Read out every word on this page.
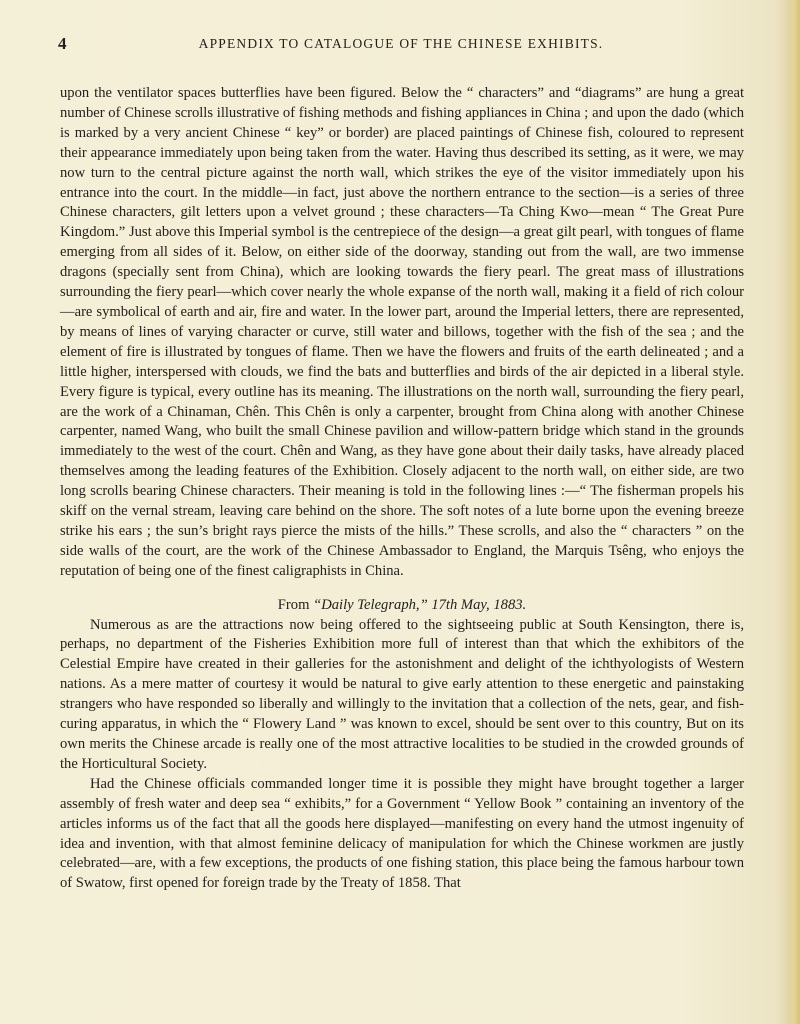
4	APPENDIX TO CATALOGUE OF THE CHINESE EXHIBITS.

upon the ventilator spaces butterflies have been figured. Below the “ characters” and “diagrams” are hung a great number of Chinese scrolls illustrative of fishing methods and fishing appliances in China ; and upon the dado (which is marked by a very ancient Chinese “ key” or border) are placed paintings of Chinese fish, coloured to represent their appearance immediately upon being taken from the water. Having thus described its setting, as it were, we may now turn to the central picture against the north wall, which strikes the eye of the visitor immediately upon his entrance into the court. In the middle—in fact, just above the northern entrance to the section—is a series of three Chinese characters, gilt letters upon a velvet ground ; these characters—Ta Ching Kwo—mean “ The Great Pure Kingdom.” Just above this Imperial symbol is the centrepiece of the design—a great gilt pearl, with tongues of flame emerging from all sides of it. Below, on either side of the doorway, standing out from the wall, are two immense dragons (specially sent from China), which are looking towards the fiery pearl. The great mass of illustrations surrounding the fiery pearl—which cover nearly the whole expanse of the north wall, making it a field of rich colour—are symbolical of earth and air, fire and water. In the lower part, around the Imperial letters, there are represented, by means of lines of varying character or curve, still water and billows, together with the fish of the sea ; and the element of fire is illustrated by tongues of flame. Then we have the flowers and fruits of the earth delineated ; and a little higher, interspersed with clouds, we find the bats and butterflies and birds of the air depicted in a liberal style. Every figure is typical, every outline has its meaning. The illustrations on the north wall, surrounding the fiery pearl, are the work of a Chinaman, Chên. This Chên is only a carpenter, brought from China along with another Chinese carpenter, named Wang, who built the small Chinese pavilion and willow-pattern bridge which stand in the grounds immediately to the west of the court. Chên and Wang, as they have gone about their daily tasks, have already placed themselves among the leading features of the Exhibition. Closely adjacent to the north wall, on either side, are two long scrolls bearing Chinese characters. Their meaning is told in the following lines :—“ The fisherman propels his skiff on the vernal stream, leaving care behind on the shore. The soft notes of a lute borne upon the evening breeze strike his ears ; the sun’s bright rays pierce the mists of the hills.” These scrolls, and also the “ characters ” on the side walls of the court, are the work of the Chinese Ambassador to England, the Marquis Tsêng, who enjoys the reputation of being one of the finest caligraphists in China.

From “Daily Telegraph,” 17th May, 1883.

Numerous as are the attractions now being offered to the sightseeing public at South Kensington, there is, perhaps, no department of the Fisheries Exhibition more full of interest than that which the exhibitors of the Celestial Empire have created in their galleries for the astonishment and delight of the ichthyologists of Western nations. As a mere matter of courtesy it would be natural to give early attention to these energetic and painstaking strangers who have responded so liberally and willingly to the invitation that a collection of the nets, gear, and fish-curing apparatus, in which the “ Flowery Land ” was known to excel, should be sent over to this country, But on its own merits the Chinese arcade is really one of the most attractive localities to be studied in the crowded grounds of the Horticultural Society.

Had the Chinese officials commanded longer time it is possible they might have brought together a larger assembly of fresh water and deep sea “ exhibits,” for a Government “ Yellow Book ” containing an inventory of the articles informs us of the fact that all the goods here displayed—manifesting on every hand the utmost ingenuity of idea and invention, with that almost feminine delicacy of manipulation for which the Chinese workmen are justly celebrated—are, with a few exceptions, the products of one fishing station, this place being the famous harbour town of Swatow, first opened for foreign trade by the Treaty of 1858. That
